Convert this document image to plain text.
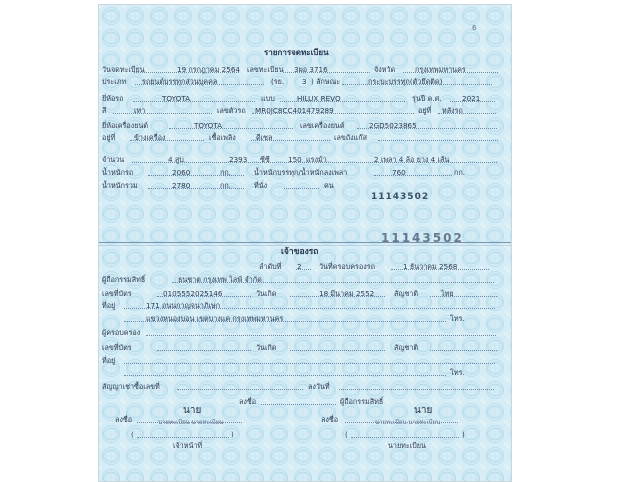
6
รายการจดทะเบียน
วันจดทะเบียน	19 กรกฎาคม 2564 เลขทะเบียน 3ผอ 3716	จังหวัด	กรุงเทพมหานคร
ประเภท รถยนต์บรรทุกส่วนบุคคล	(รย. 3 ) ลักษณะ	กระบะบรรทุก(ตัวยึดติด)
ยี่ห้อรถ	TOYOTA	แบบ	HILUX REVO	รุ่นปี ค.ศ.	2021
สี	เทา	เลขตัวรถ MR0JC8CC401479289	อยู่ที่ หลังรถ
ยี่ห้อเครื่องยนต์	TOYOTA	เลขเครื่องยนต์	2GD5023865
อยู่ที่	ข้างเครื่อง	เชื้อเพลิง	ดีเซล	เลขถังแก๊ส
จำนวน	4 สูบ	2393 ซีซี	150 แรงม้า	2 เพลา 4 ล้อ ยาง 4 เส้น
น้ำหนักรถ	2060	กก.	น้ำหนักบรรทุก/น้ำหนักลงเพลา	760	กก.
น้ำหนักรวม	2780	กก.	ที่นั่ง	คน
11143502
11143502
เจ้าของรถ
ลำดับที่ 2 วันที่ครอบครองรถ	1 ธันวาคม 2568
ผู้ถือกรรมสิทธิ์	ธนชาต กรุงเทพ ไลฟ์ จำกัด
เลขที่บัตร	0105552025146	วันเกิด	18 มีนาคม 2552	สัญชาติ	ไทย
ที่อยู่	171 ถนนกาญจนาภิเษก
แขวงหนองบอน เขตบางแค กรุงเทพมหานคร	โทร.
ผู้ครอบครอง
เลขที่บัตร	วันเกิด	สัญชาติ
ที่อยู่
โทร.
สัญญาเช่าซื้อเลขที่	ลงวันที่
ลงชื่อ	ผู้ถือกรรมสิทธิ์
นาย	นาย
ลงชื่อ	ลงชื่อ
นายทะเบียน นายทะเบียน	นายทะเบียน นายทะเบียน
(	)	(	)
เจ้าหน้าที่	นายทะเบียน
